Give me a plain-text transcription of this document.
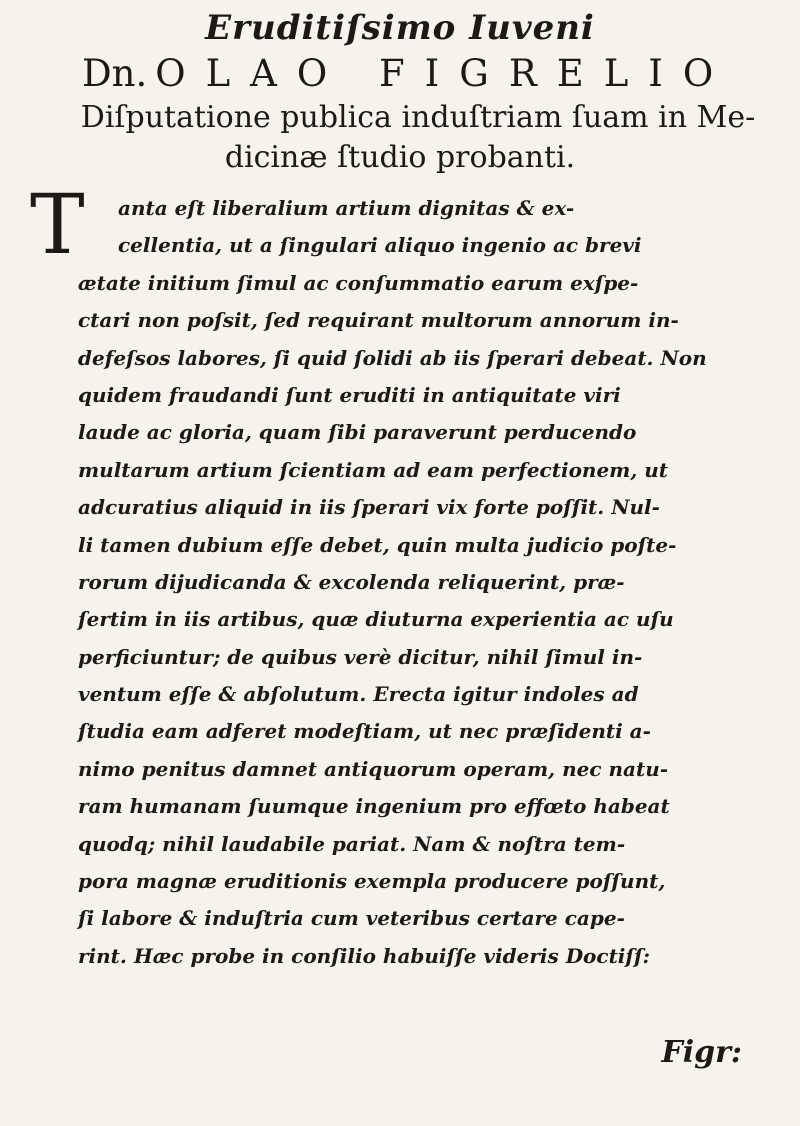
Eruditiſsimo Iuveni
Dn. OLAO FIGRELIO
Diſputatione publica induſtriam ſuam in Me-
dicinæ ſtudio probanti.
T	anta eſt liberalium artium dignitas & ex-
cellentia, ut a ſingulari aliquo ingenio ac brevi
ætate initium ſimul ac conſummatio earum exſpe-
ctari non poſsit, ſed requirant multorum annorum in-
defeſsos labores, ſi quid ſolidi ab iis ſperari debeat. Non
quidem fraudandi ſunt eruditi in antiquitate viri
laude ac gloria, quam ſibi paraverunt perducendo
multarum artium ſcientiam ad eam perfectionem, ut
adcuratius aliquid in iis ſperari vix forte poſſit. Nul-
li tamen dubium eſſe debet, quin multa judicio poſte-
rorum dijudicanda & excolenda reliquerint, præ-
ſertim in iis artibus, quæ diuturna experientia ac uſu
perficiuntur; de quibus verè dicitur, nihil ſimul in-
ventum eſſe & abſolutum. Erecta igitur indoles ad
ſtudia eam adferet modeſtiam, ut nec præſidenti a-
nimo penitus damnet antiquorum operam, nec natu-
ram humanam ſuumque ingenium pro effœto habeat
quodq; nihil laudabile pariat. Nam & noſtra tem-
pora magnæ eruditionis exempla producere poſſunt,
ſi labore & induſtria cum veteribus certare cape-
rint. Hæc probe in conſilio habuiſſe videris Doctiſſ:
Figr:
